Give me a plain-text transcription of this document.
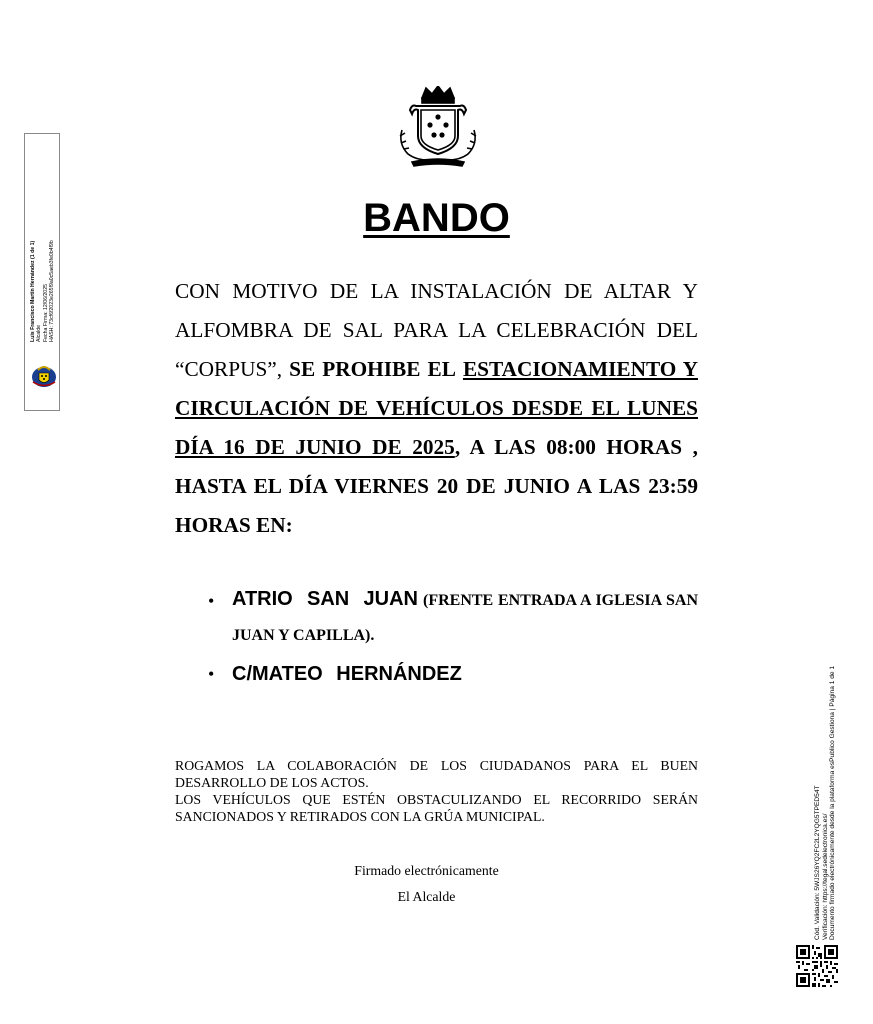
Luis Francisco Martín Hernández (1 de 1) Alcalde Fecha Firma: 12/06/2025 HASH: 73cf6f2023e265f9a0c5aeb3fe0b4f9b
BANDO
CON MOTIVO DE LA INSTALACIÓN DE ALTAR Y ALFOMBRA DE SAL PARA LA CELEBRACIÓN DEL “CORPUS”, SE PROHIBE EL ESTACIONAMIENTO Y CIRCULACIÓN DE VEHÍCULOS DESDE EL LUNES DÍA 16 DE JUNIO DE 2025, A LAS 08:00 HORAS , HASTA EL DÍA VIERNES 20 DE JUNIO A LAS 23:59 HORAS EN:
• ATRIO SAN JUAN (FRENTE ENTRADA A IGLESIA SAN JUAN Y CAPILLA).
• C/MATEO HERNÁNDEZ

ROGAMOS LA COLABORACIÓN DE LOS CIUDADANOS PARA EL BUEN DESARROLLO DE LOS ACTOS.

LOS VEHÍCULOS QUE ESTÉN OBSTACULIZANDO EL RECORRIDO SERÁN SANCIONADOS Y RETIRADOS CON LA GRÚA MUNICIPAL.

Firmado electrónicamente
El Alcalde	Cód. Validación: 5WJS26YQ2FC2L2YQG5TPED54T Verificación: https://tegal.sedelectronica.es/ Documento firmado electrónicamente desde la plataforma esPublico Gestiona | Página 1 de 1
